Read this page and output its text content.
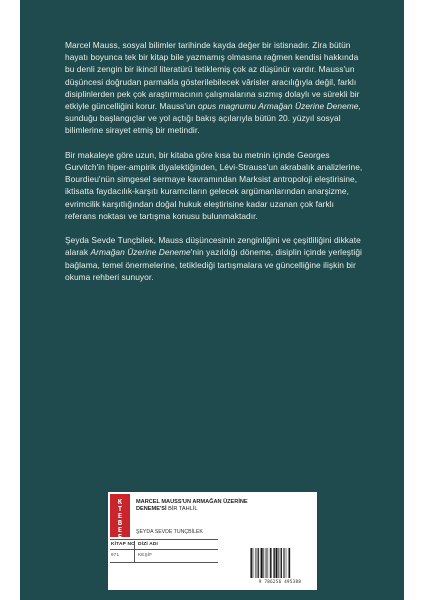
Marcel Mauss, sosyal bilimler tarihinde kayda değer bir istisnadır. Zira bütün hayatı boyunca tek bir kitap bile yazmamış olmasına rağmen kendisi hakkında bu denli zengin bir ikincil literatürü tetiklemiş çok az düşünür vardır. Mauss'un düşüncesi doğrudan parmakla gösterilebilecek vârisler aracılığıyla değil, farklı disiplinlerden pek çok araştırmacının çalışmalarına sızmış dolaylı ve sürekli bir etkiyle güncelliğini korur. Mauss'un opus magnumu Armağan Üzerine Deneme, sunduğu başlangıçlar ve yol açtığı bakış açılarıyla bütün 20. yüzyıl sosyal bilimlerine sirayet etmiş bir metindir.

Bir makaleye göre uzun, bir kitaba göre kısa bu metnin içinde Georges Gurvitch'in hiper-ampirik diyalektiğinden, Lévi-Strauss'un akrabalık analizlerine, Bourdieu'nün simgesel sermaye kavramından Marksist antropoloji eleştirisine, iktisatta faydacılık-karşıtı kuramcıların gelecek argümanlarından anarşizme, evrimcilik karşıtlığından doğal hukuk eleştirisine kadar uzanan çok farklı referans noktası ve tartışma konusu bulunmaktadır.

Şeyda Sevde Tunçbilek, Mauss düşüncesinin zenginliğini ve çeşitliliğini dikkate alarak Armağan Üzerine Deneme'nin yazıldığı döneme, disiplin içinde yerleştiği bağlama, temel önermelerine, tetiklediği tartışmalara ve güncelliğine ilişkin bir okuma rehberi sunuyor.

K
T
E
B
E
E
MARCEL MAUSS'UN ARMAĞAN ÜZERİNE DENEME'Sİ BİR TAHLİL
ŞEYDA SEVDE TUNÇBİLEK
KİTAP NO DİZİ ADI
971	KEŞİF
9 786256 495388
